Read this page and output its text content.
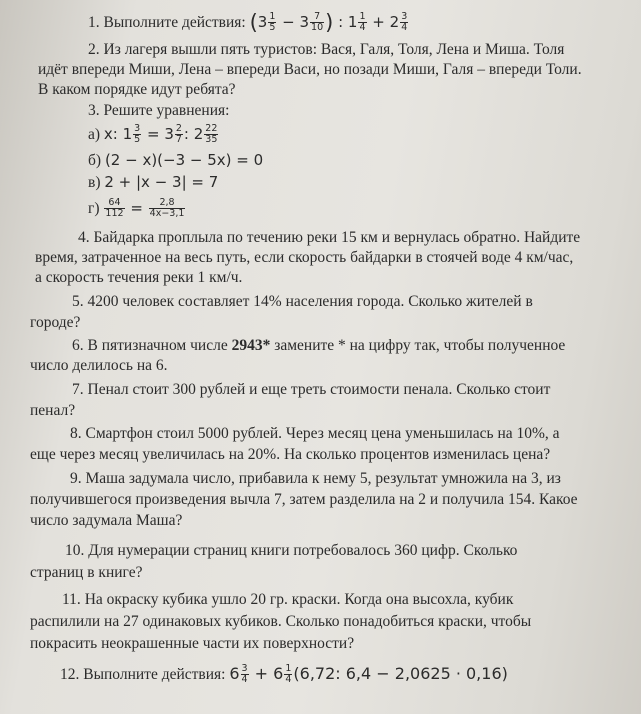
1. Выполните действия: ($3 \frac{1}{5} - 3 \frac{7}{10}$ ) : $1 \frac{1}{4} + 2 \frac{3}{4}$
2. Из лагеря вышли пять туристов: Вася, Галя, Толя, Лена и Миша. Толя
идёт впереди Миши, Лена – впереди Васи, но позади Миши, Галя – впереди Толи.
В каком порядке идут ребята?
3. Решите уравнения:
а) x: $1 \frac{3}{5} = 3 \frac{2}{7}$ : $2 \frac{22}{35}$
б) (2 − x)(−3 − 5x) = 0
в) 2 + |x − 3| = 7
$г) \frac{64}{112} = \frac{2,8}{4x-3,1}$
4. Байдарка проплыла по течению реки 15 км и вернулась обратно. Найдите
время, затраченное на весь путь, если скорость байдарки в стоячей воде 4 км/час,
а скорость течения реки 1 км/ч.
5. 4200 человек составляет 14% населения города. Сколько жителей в
городе?
6. В пятизначном числе 2943* замените * на цифру так, чтобы полученное
число делилось на 6.
7. Пенал стоит 300 рублей и еще треть стоимости пенала. Сколько стоит
пенал?
8. Смартфон стоил 5000 рублей. Через месяц цена уменьшилась на 10%, а
еще через месяц увеличилась на 20%. На сколько процентов изменилась цена?
9. Маша задумала число, прибавила к нему 5, результат умножила на 3, из
получившегося произведения вычла 7, затем разделила на 2 и получила 154. Какое
число задумала Маша?
10. Для нумерации страниц книги потребовалось 360 цифр. Сколько
страниц в книге?
11. На окраску кубика ушло 20 гр. краски. Когда она высохла, кубик
распилили на 27 одинаковых кубиков. Сколько понадобиться краски, чтобы
покрасить неокрашенные части их поверхности?
12. Выполните действия: $6 \frac{3}{4} + 6 \frac{1}{4} (6,72$: 6,4 − 2,0625 · 0,16)
